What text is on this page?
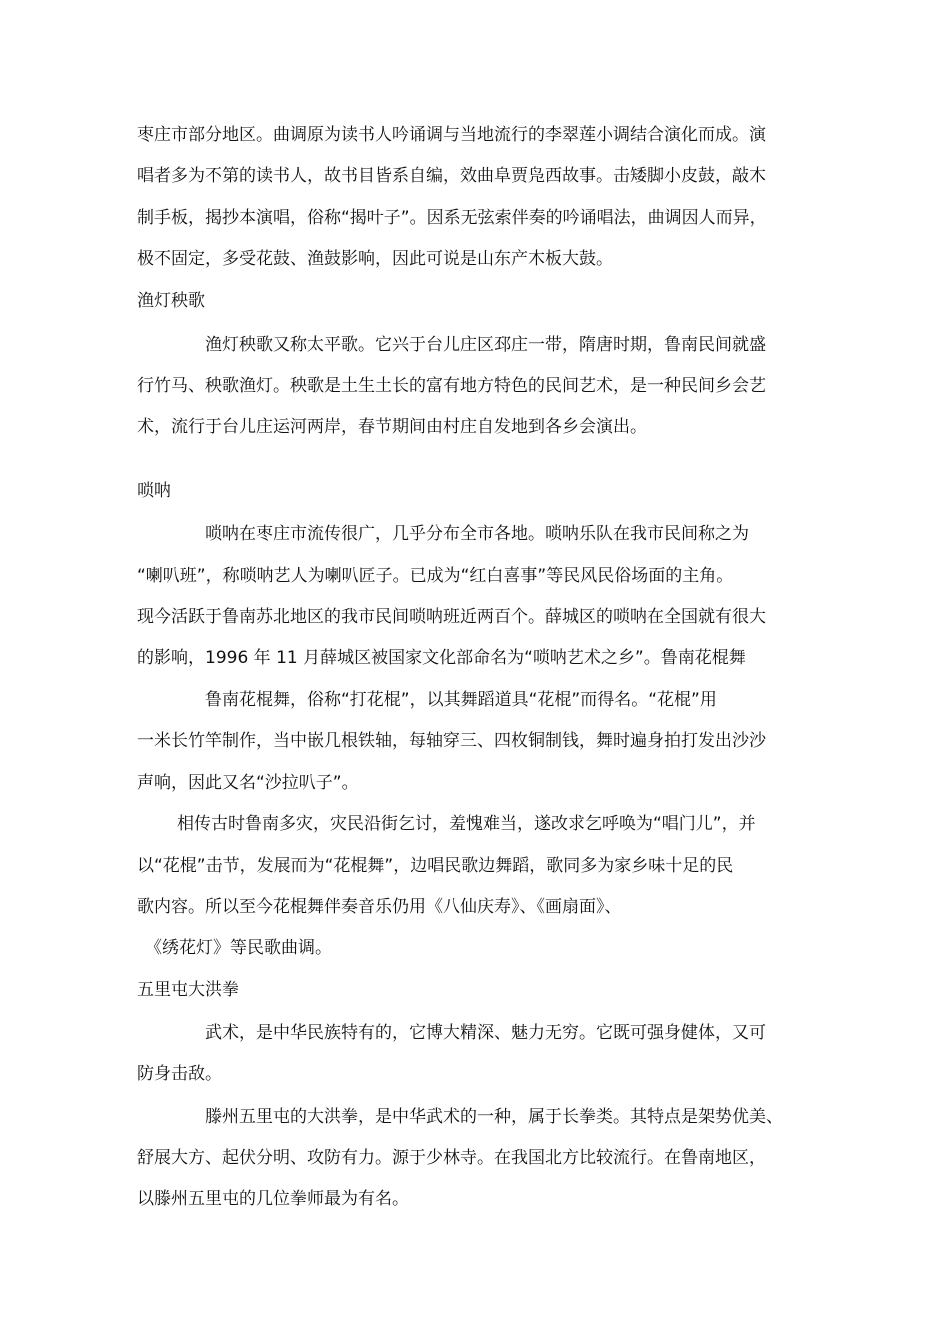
枣庄市部分地区。曲调原为读书人吟诵调与当地流行的李翠莲小调结合演化而成。演
唱者多为不第的读书人，故书目皆系自编，效曲阜贾凫西故事。击矮脚小皮鼓，敲木
制手板，揭抄本演唱，俗称“揭叶子”。因系无弦索伴奏的吟诵唱法，曲调因人而异，
极不固定，多受花鼓、渔鼓影响，因此可说是山东产木板大鼓。
渔灯秧歌
渔灯秧歌又称太平歌。它兴于台儿庄区邳庄一带，隋唐时期，鲁南民间就盛
行竹马、秧歌渔灯。秧歌是土生土长的富有地方特色的民间艺术，是一种民间乡会艺
术，流行于台儿庄运河两岸，春节期间由村庄自发地到各乡会演出。
唢呐
唢呐在枣庄市流传很广，几乎分布全市各地。唢呐乐队在我市民间称之为
“喇叭班”，称唢呐艺人为喇叭匠子。已成为“红白喜事”等民风民俗场面的主角。
现今活跃于鲁南苏北地区的我市民间唢呐班近两百个。薛城区的唢呐在全国就有很大
的影响，1996 年 11 月薛城区被国家文化部命名为“唢呐艺术之乡”。鲁南花棍舞
鲁南花棍舞，俗称“打花棍”，以其舞蹈道具“花棍”而得名。“花棍”用
一米长竹竿制作，当中嵌几根铁轴，每轴穿三、四枚铜制钱，舞时遍身拍打发出沙沙
声响，因此又名“沙拉叭子”。
相传古时鲁南多灾，灾民沿街乞讨，羞愧难当，遂改求乞呼唤为“唱门儿”，并
以“花棍”击节，发展而为“花棍舞”，边唱民歌边舞蹈，歌同多为家乡味十足的民
歌内容。所以至今花棍舞伴奏音乐仍用《八仙庆寿》、《画扇面》、
《绣花灯》等民歌曲调。
五里屯大洪拳
武术，是中华民族特有的，它博大精深、魅力无穷。它既可强身健体，又可
防身击敌。
滕州五里屯的大洪拳，是中华武术的一种，属于长拳类。其特点是架势优美、
舒展大方、起伏分明、攻防有力。源于少林寺。在我国北方比较流行。在鲁南地区，
以滕州五里屯的几位拳师最为有名。
